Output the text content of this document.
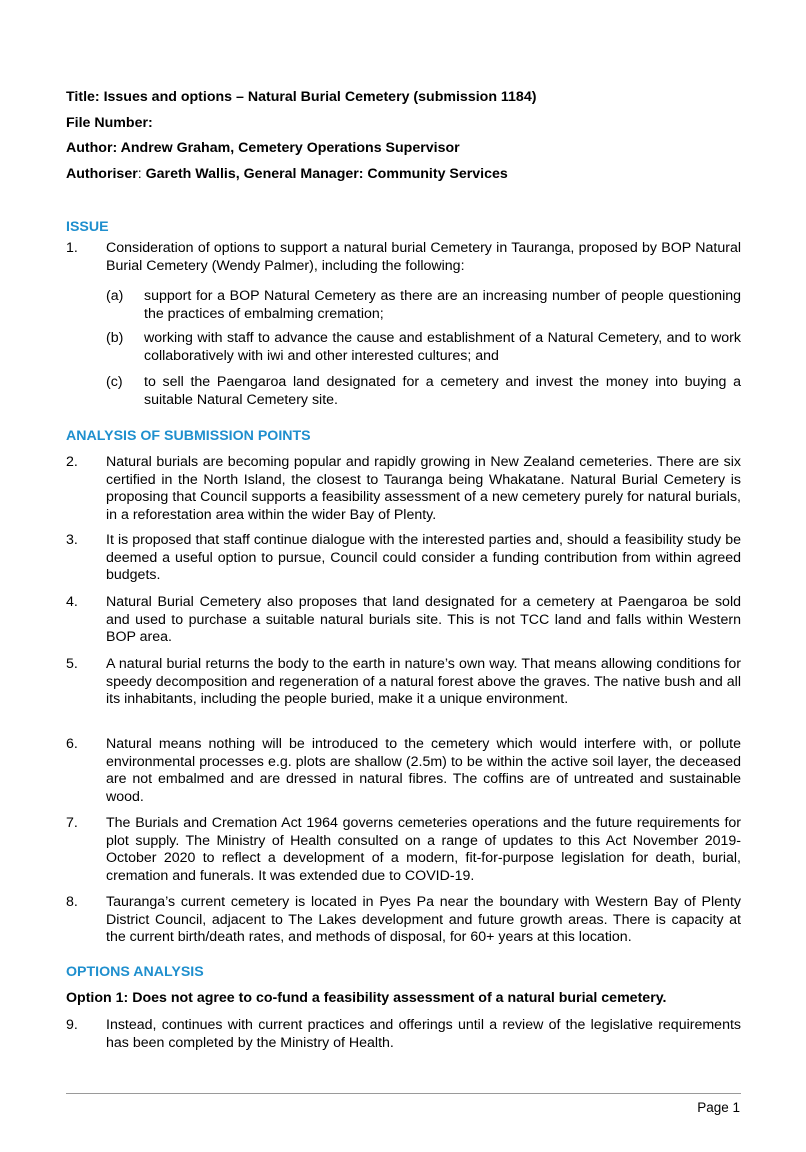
Title: Issues and options – Natural Burial Cemetery (submission 1184)
File Number:
Author: Andrew Graham, Cemetery Operations Supervisor
Authoriser: Gareth Wallis, General Manager: Community Services
ISSUE
1. Consideration of options to support a natural burial Cemetery in Tauranga, proposed by BOP Natural Burial Cemetery (Wendy Palmer), including the following:
(a) support for a BOP Natural Cemetery as there are an increasing number of people questioning the practices of embalming cremation;
(b) working with staff to advance the cause and establishment of a Natural Cemetery, and to work collaboratively with iwi and other interested cultures; and
(c) to sell the Paengaroa land designated for a cemetery and invest the money into buying a suitable Natural Cemetery site.
ANALYSIS OF SUBMISSION POINTS
2. Natural burials are becoming popular and rapidly growing in New Zealand cemeteries. There are six certified in the North Island, the closest to Tauranga being Whakatane. Natural Burial Cemetery is proposing that Council supports a feasibility assessment of a new cemetery purely for natural burials, in a reforestation area within the wider Bay of Plenty.
3. It is proposed that staff continue dialogue with the interested parties and, should a feasibility study be deemed a useful option to pursue, Council could consider a funding contribution from within agreed budgets.
4. Natural Burial Cemetery also proposes that land designated for a cemetery at Paengaroa be sold and used to purchase a suitable natural burials site. This is not TCC land and falls within Western BOP area.
5. A natural burial returns the body to the earth in nature’s own way. That means allowing conditions for speedy decomposition and regeneration of a natural forest above the graves. The native bush and all its inhabitants, including the people buried, make it a unique environment.
6. Natural means nothing will be introduced to the cemetery which would interfere with, or pollute environmental processes e.g. plots are shallow (2.5m) to be within the active soil layer, the deceased are not embalmed and are dressed in natural fibres. The coffins are of untreated and sustainable wood.
7. The Burials and Cremation Act 1964 governs cemeteries operations and the future requirements for plot supply. The Ministry of Health consulted on a range of updates to this Act November 2019-October 2020 to reflect a development of a modern, fit-for-purpose legislation for death, burial, cremation and funerals. It was extended due to COVID-19.
8. Tauranga’s current cemetery is located in Pyes Pa near the boundary with Western Bay of Plenty District Council, adjacent to The Lakes development and future growth areas. There is capacity at the current birth/death rates, and methods of disposal, for 60+ years at this location.
OPTIONS ANALYSIS
Option 1: Does not agree to co-fund a feasibility assessment of a natural burial cemetery.
9. Instead, continues with current practices and offerings until a review of the legislative requirements has been completed by the Ministry of Health.
Page 1
